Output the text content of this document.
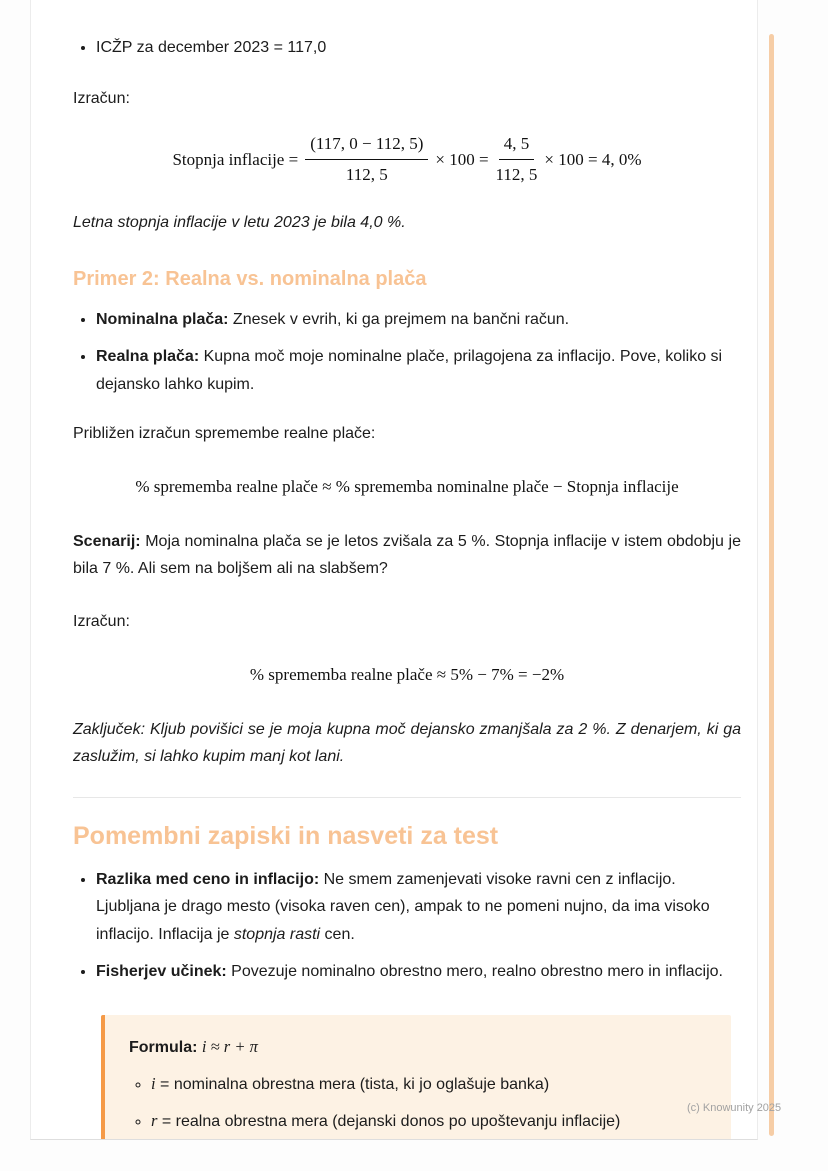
• ICŽP za december 2023 = 117,0

Izračun:

Stopnja inflacije = $\frac{(117, 0 - 112, 5)}{112, 5} \times 100 = \frac{4, 5}{112, 5} \times 100 = 4$, 0%

Letna stopnja inflacije v letu 2023 je bila 4,0 %.

Primer 2: Realna vs. nominalna plača
• Nominalna plača: Znesek v evrih, ki ga prejmem na bančni račun.
• Realna plača: Kupna moč moje nominalne plače, prilagojena za inflacijo. Pove, koliko si dejansko lahko kupim.

Približen izračun spremembe realne plače:

% sprememba realne plače ≈ % sprememba nominalne plače − Stopnja inflacije

Scenarij: Moja nominalna plača se je letos zvišala za 5 %. Stopnja inflacije v istem obdobju je bila 7 %. Ali sem na boljšem ali na slabšem?

Izračun:

% sprememba realne plače ≈ 5% − 7% = −2%

Zaključek: Kljub povišici se je moja kupna moč dejansko zmanjšala za 2 %. Z denarjem, ki ga zaslužim, si lahko kupim manj kot lani.

Pomembni zapiski in nasveti za test
• Razlika med ceno in inflacijo: Ne smem zamenjevati visoke ravni cen z inflacijo. Ljubljana je drago mesto (visoka raven cen), ampak to ne pomeni nujno, da ima visoko inflacijo. Inflacija je stopnja rasti cen.
• Fisherjev učinek: Povezuje nominalno obrestno mero, realno obrestno mero in inflacijo.

Formula: i ≈ r + π

◦ i = nominalna obrestna mera (tista, ki jo oglašuje banka)
◦ r = realna obrestna mera (dejanski donos po upoštevanju inflacije)
(c) Knowunity 2025
